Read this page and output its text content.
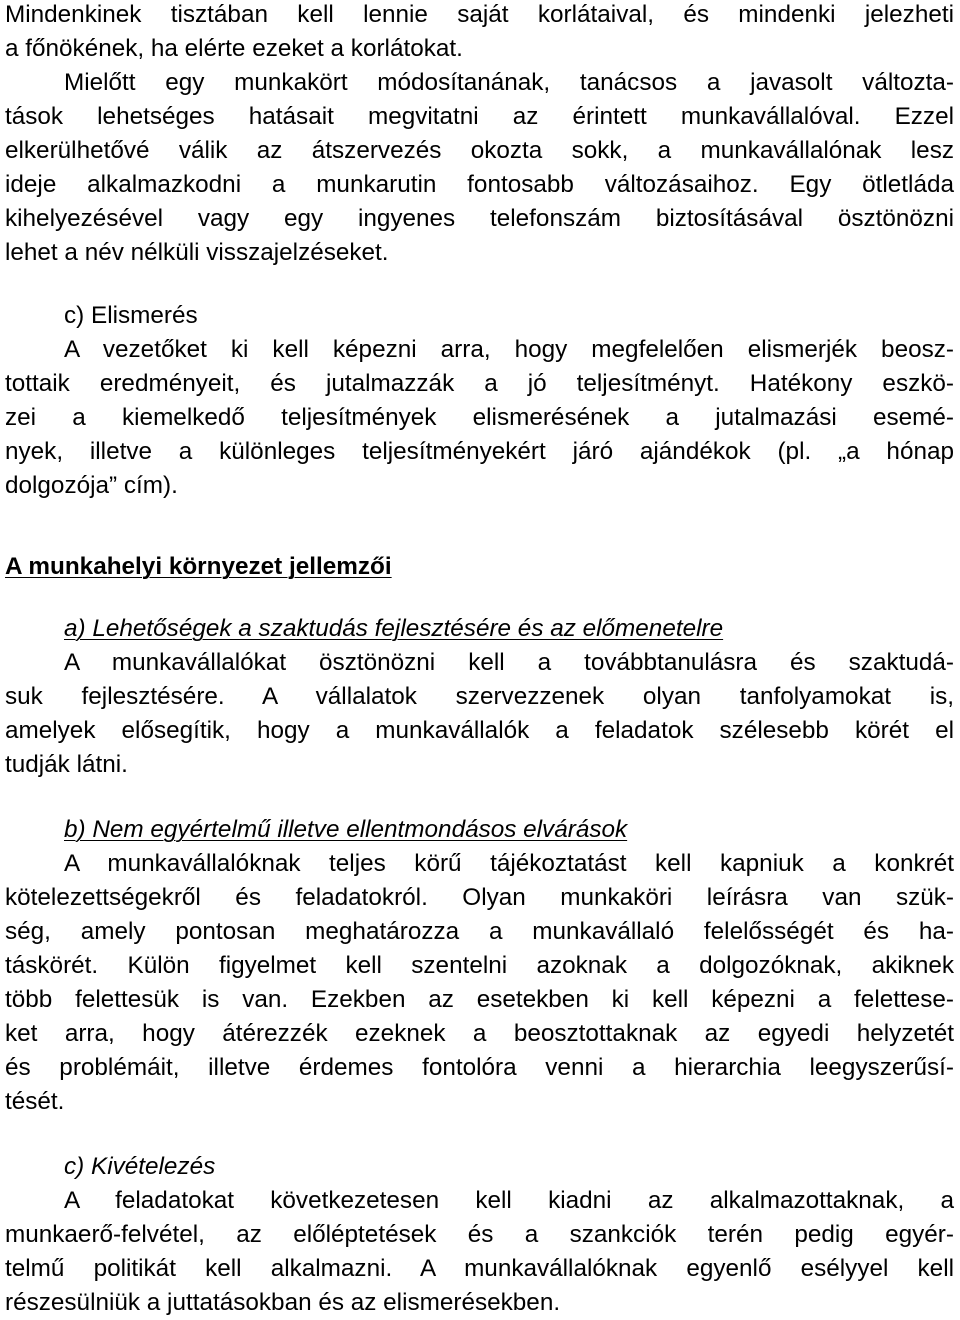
Mindenkinek tisztában kell lennie saját korlátaival, és mindenki jelezheti
a főnökének, ha elérte ezeket a korlátokat.
Mielőtt egy munkakört módosítanának, tanácsos a javasolt változta-
tások lehetséges hatásait megvitatni az érintett munkavállalóval. Ezzel
elkerülhetővé válik az átszervezés okozta sokk, a munkavállalónak lesz
ideje alkalmazkodni a munkarutin fontosabb változásaihoz. Egy ötletláda
kihelyezésével vagy egy ingyenes telefonszám biztosításával ösztönözni
lehet a név nélküli visszajelzéseket.
c) Elismerés
A vezetőket ki kell képezni arra, hogy megfelelően elismerjék beosz-
tottaik eredményeit, és jutalmazzák a jó teljesítményt. Hatékony eszkö-
zei a kiemelkedő teljesítmények elismerésének a jutalmazási esemé-
nyek, illetve a különleges teljesítményekért járó ajándékok (pl. „a hónap
dolgozója” cím).
A munkahelyi környezet jellemzői
a) Lehetőségek a szaktudás fejlesztésére és az előmenetelre
A munkavállalókat ösztönözni kell a továbbtanulásra és szaktudá-
suk fejlesztésére. A vállalatok szervezzenek olyan tanfolyamokat is,
amelyek elősegítik, hogy a munkavállalók a feladatok szélesebb körét el
tudják látni.
b) Nem egyértelmű illetve ellentmondásos elvárások
A munkavállalóknak teljes körű tájékoztatást kell kapniuk a konkrét
kötelezettségekről és feladatokról. Olyan munkaköri leírásra van szük-
ség, amely pontosan meghatározza a munkavállaló felelősségét és ha-
táskörét. Külön figyelmet kell szentelni azoknak a dolgozóknak, akiknek
több felettesük is van. Ezekben az esetekben ki kell képezni a felettese-
ket arra, hogy átérezzék ezeknek a beosztottaknak az egyedi helyzetét
és problémáit, illetve érdemes fontolóra venni a hierarchia leegyszerűsí-
tését.
c) Kivételezés
A feladatokat következetesen kell kiadni az alkalmazottaknak, a
munkaerő-felvétel, az előléptetések és a szankciók terén pedig egyér-
telmű politikát kell alkalmazni. A munkavállalóknak egyenlő esélyyel kell
részesülniük a juttatásokban és az elismerésekben.
